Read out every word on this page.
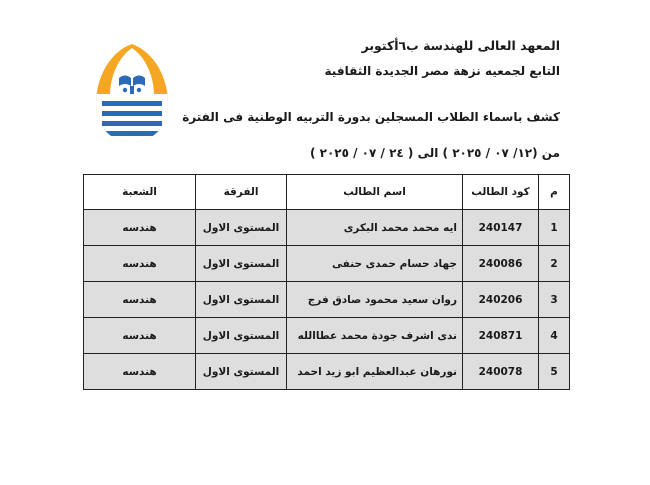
المعهد العالى للهندسة ب٦أكتوبر
التابع لجمعيه نزهة مصر الجديدة الثقافية
كشف باسماء الطلاب المسجلين بدورة التربيه الوطنية فى الفترة
من (١٢/ ٠٧ / ٢٠٢٥ ) الى ( ٢٤ / ٠٧ / ٢٠٢٥ )
م	كود الطالب	اسم الطالب	الفرقة	الشعبة
1	240147	ايه محمد محمد البكرى	المستوى الاول	هندسه
2	240086	جهاد حسام حمدى حنفى	المستوى الاول	هندسه
3	240206	روان سعيد محمود صادق فرج	المستوى الاول	هندسه
4	240871	ندى اشرف جودة محمد عطاالله	المستوى الاول	هندسه
5	240078	نورهان عبدالعظيم ابو زيد احمد	المستوى الاول	هندسه
